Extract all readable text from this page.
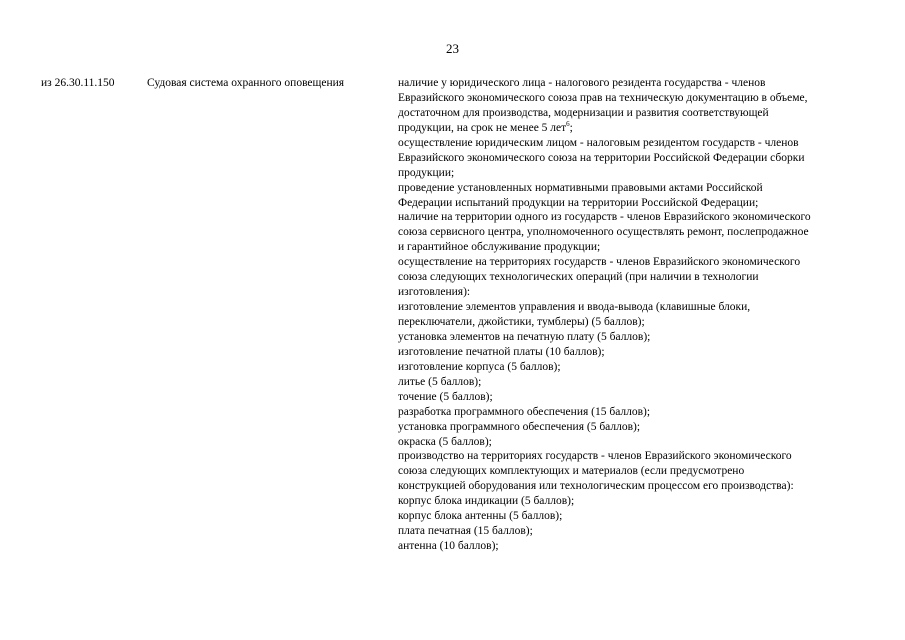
23
из 26.30.11.150	Судовая система охранного оповещения	наличие у юридического лица - налогового резидента государства - членов
Евразийского экономического союза прав на техническую документацию в объеме,
достаточном для производства, модернизации и развития соответствующей
продукции, на срок не менее 5 лет$^6$;
осуществление юридическим лицом - налоговым резидентом государств - членов
Евразийского экономического союза на территории Российской Федерации сборки
продукции;
проведение установленных нормативными правовыми актами Российской
Федерации испытаний продукции на территории Российской Федерации;
наличие на территории одного из государств - членов Евразийского экономического
союза сервисного центра, уполномоченного осуществлять ремонт, послепродажное
и гарантийное обслуживание продукции;
осуществление на территориях государств - членов Евразийского экономического
союза следующих технологических операций (при наличии в технологии
изготовления):
изготовление элементов управления и ввода-вывода (клавишные блоки,
переключатели, джойстики, тумблеры) (5 баллов);
установка элементов на печатную плату (5 баллов);
изготовление печатной платы (10 баллов);
изготовление корпуса (5 баллов);
литье (5 баллов);
точение (5 баллов);
разработка программного обеспечения (15 баллов);
установка программного обеспечения (5 баллов);
окраска (5 баллов);
производство на территориях государств - членов Евразийского экономического
союза следующих комплектующих и материалов (если предусмотрено
конструкцией оборудования или технологическим процессом его производства):
корпус блока индикации (5 баллов);
корпус блока антенны (5 баллов);
плата печатная (15 баллов);
антенна (10 баллов);
